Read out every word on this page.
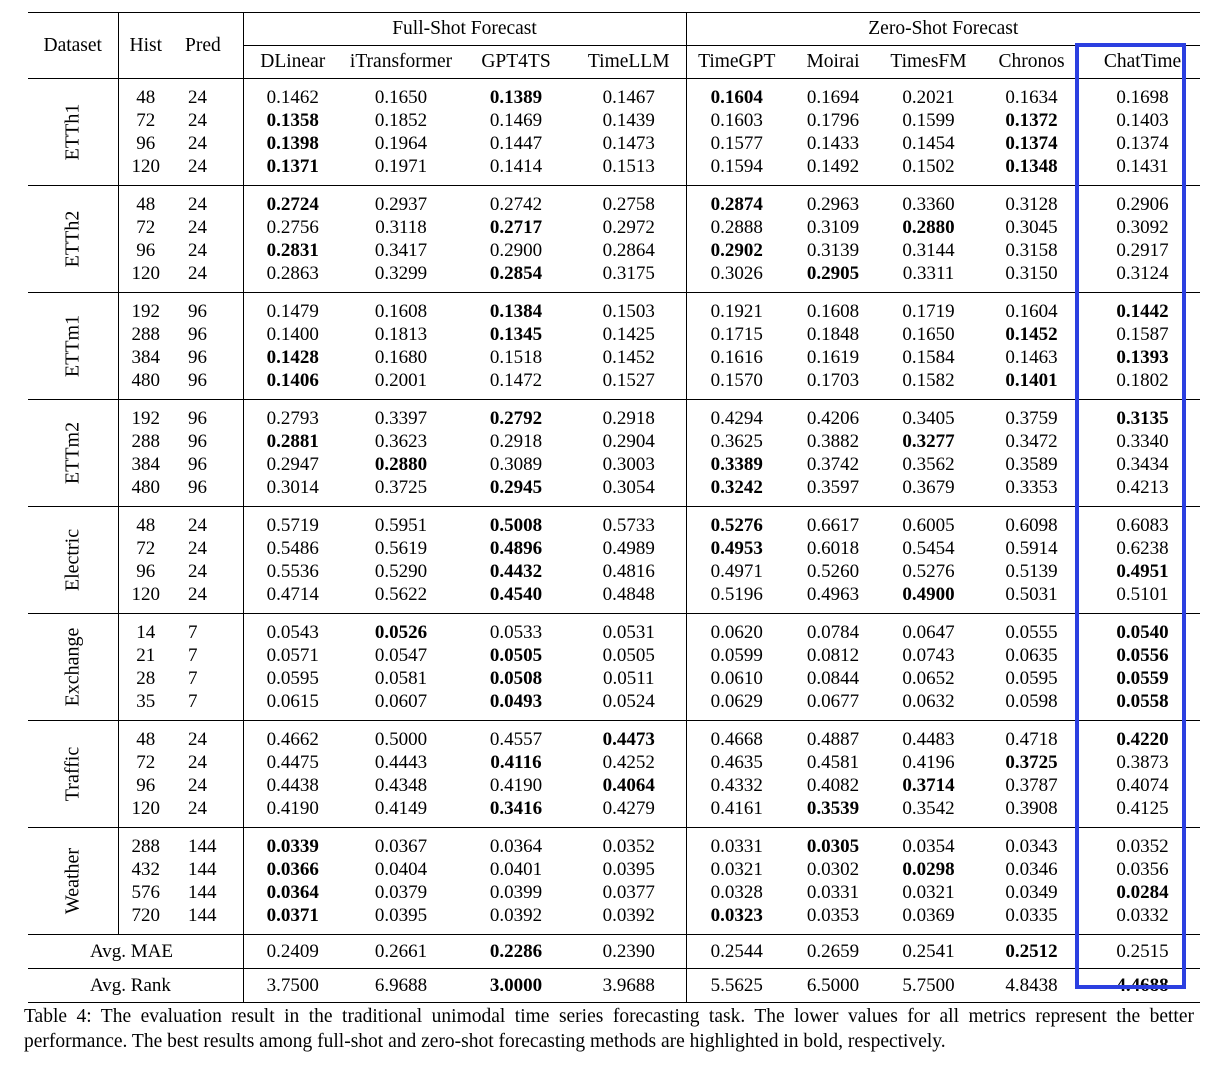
Dataset	Hist	Pred	Full-Shot Forecast				Zero-Shot Forecast				
			DLinear	iTransformer	GPT4TS	TimeLLM	TimeGPT	Moirai	TimesFM	Chronos	ChatTime

ETTh1	48	24	0.1462	0.1650	0.1389	0.1467	0.1604	0.1694	0.2021	0.1634	0.1698
	72	24	0.1358	0.1852	0.1469	0.1439	0.1603	0.1796	0.1599	0.1372	0.1403
	96	24	0.1398	0.1964	0.1447	0.1473	0.1577	0.1433	0.1454	0.1374	0.1374
	120	24	0.1371	0.1971	0.1414	0.1513	0.1594	0.1492	0.1502	0.1348	0.1431

ETTh2	48	24	0.2724	0.2937	0.2742	0.2758	0.2874	0.2963	0.3360	0.3128	0.2906
	72	24	0.2756	0.3118	0.2717	0.2972	0.2888	0.3109	0.2880	0.3045	0.3092
	96	24	0.2831	0.3417	0.2900	0.2864	0.2902	0.3139	0.3144	0.3158	0.2917
	120	24	0.2863	0.3299	0.2854	0.3175	0.3026	0.2905	0.3311	0.3150	0.3124

ETTm1	192	96	0.1479	0.1608	0.1384	0.1503	0.1921	0.1608	0.1719	0.1604	0.1442
	288	96	0.1400	0.1813	0.1345	0.1425	0.1715	0.1848	0.1650	0.1452	0.1587
	384	96	0.1428	0.1680	0.1518	0.1452	0.1616	0.1619	0.1584	0.1463	0.1393
	480	96	0.1406	0.2001	0.1472	0.1527	0.1570	0.1703	0.1582	0.1401	0.1802

ETTm2	192	96	0.2793	0.3397	0.2792	0.2918	0.4294	0.4206	0.3405	0.3759	0.3135
	288	96	0.2881	0.3623	0.2918	0.2904	0.3625	0.3882	0.3277	0.3472	0.3340
	384	96	0.2947	0.2880	0.3089	0.3003	0.3389	0.3742	0.3562	0.3589	0.3434
	480	96	0.3014	0.3725	0.2945	0.3054	0.3242	0.3597	0.3679	0.3353	0.4213

Electric	48	24	0.5719	0.5951	0.5008	0.5733	0.5276	0.6617	0.6005	0.6098	0.6083
	72	24	0.5486	0.5619	0.4896	0.4989	0.4953	0.6018	0.5454	0.5914	0.6238
	96	24	0.5536	0.5290	0.4432	0.4816	0.4971	0.5260	0.5276	0.5139	0.4951
	120	24	0.4714	0.5622	0.4540	0.4848	0.5196	0.4963	0.4900	0.5031	0.5101

Exchange	14	7	0.0543	0.0526	0.0533	0.0531	0.0620	0.0784	0.0647	0.0555	0.0540
	21	7	0.0571	0.0547	0.0505	0.0505	0.0599	0.0812	0.0743	0.0635	0.0556
	28	7	0.0595	0.0581	0.0508	0.0511	0.0610	0.0844	0.0652	0.0595	0.0559
	35	7	0.0615	0.0607	0.0493	0.0524	0.0629	0.0677	0.0632	0.0598	0.0558

Traffic	48	24	0.4662	0.5000	0.4557	0.4473	0.4668	0.4887	0.4483	0.4718	0.4220
	72	24	0.4475	0.4443	0.4116	0.4252	0.4635	0.4581	0.4196	0.3725	0.3873
	96	24	0.4438	0.4348	0.4190	0.4064	0.4332	0.4082	0.3714	0.3787	0.4074
	120	24	0.4190	0.4149	0.3416	0.4279	0.4161	0.3539	0.3542	0.3908	0.4125

Weather	288	144	0.0339	0.0367	0.0364	0.0352	0.0331	0.0305	0.0354	0.0343	0.0352
	432	144	0.0366	0.0404	0.0401	0.0395	0.0321	0.0302	0.0298	0.0346	0.0356
	576	144	0.0364	0.0379	0.0399	0.0377	0.0328	0.0331	0.0321	0.0349	0.0284
	720	144	0.0371	0.0395	0.0392	0.0392	0.0323	0.0353	0.0369	0.0335	0.0332
Avg. MAE			0.2409	0.2661	0.2286	0.2390	0.2544	0.2659	0.2541	0.2512	0.2515
Avg. Rank			3.7500	6.9688	3.0000	3.9688	5.5625	6.5000	5.7500	4.8438	4.4688
Table 4: The evaluation result in the traditional unimodal time series forecasting task. The lower values for all metrics represent the better performance. The best results among full-shot and zero-shot forecasting methods are highlighted in bold, respectively.
